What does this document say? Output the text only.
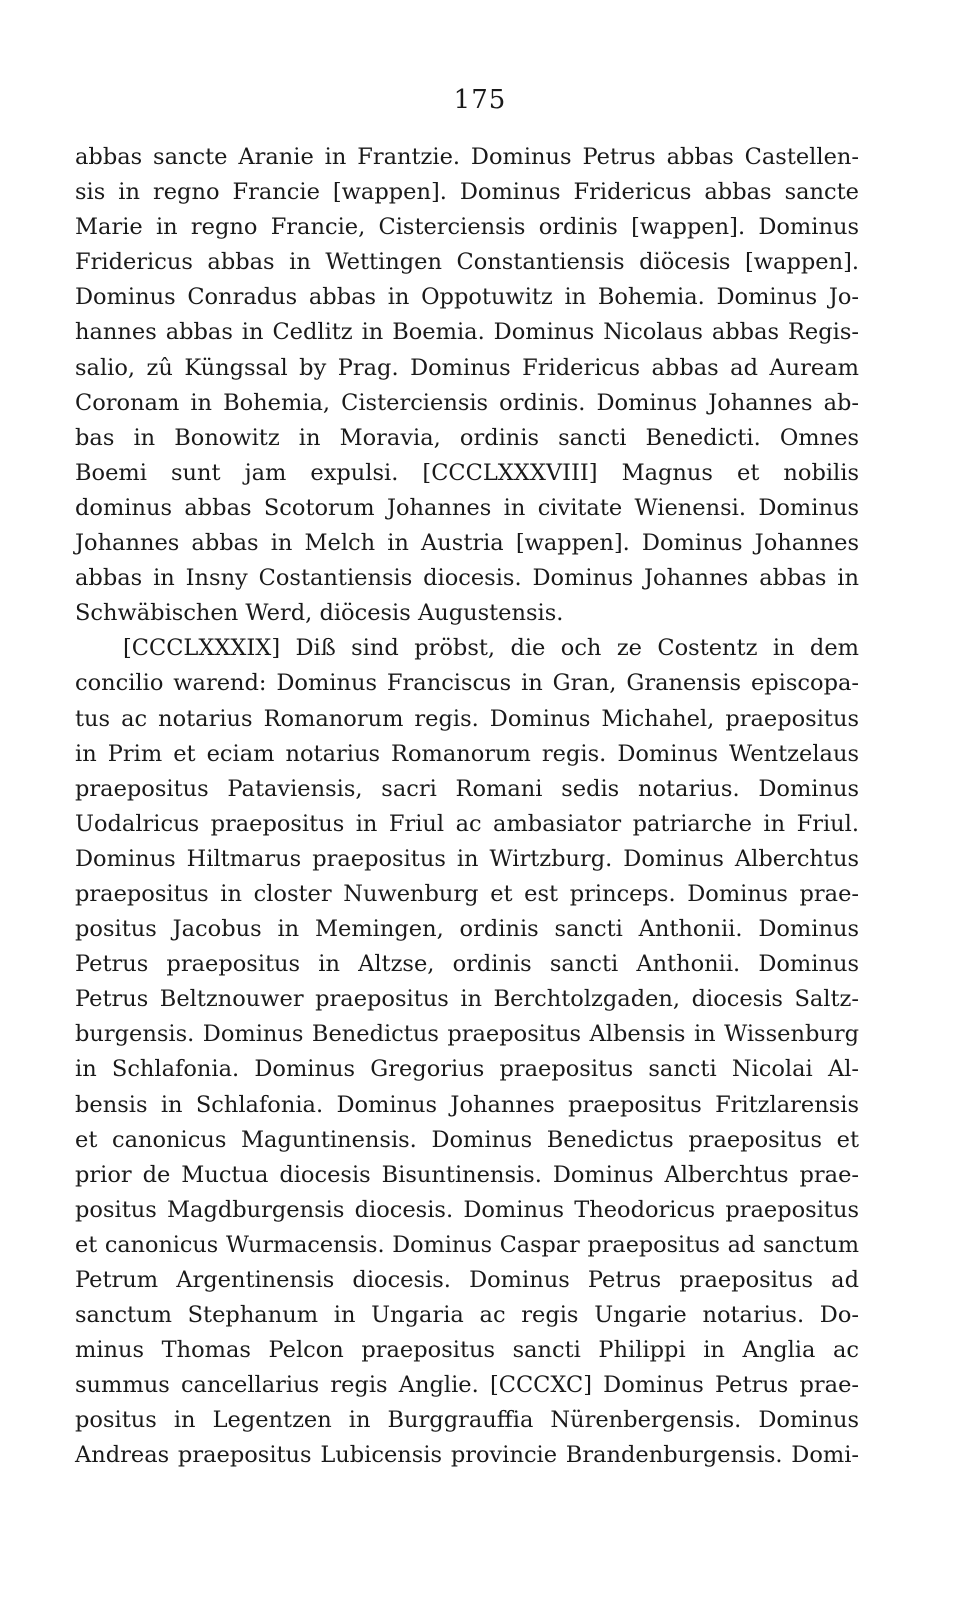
175
abbas sancte Aranie in Frantzie. Dominus Petrus abbas Castellen-
sis in regno Francie [wappen]. Dominus Fridericus abbas sancte
Marie in regno Francie, Cisterciensis ordinis [wappen]. Dominus
Fridericus abbas in Wettingen Constantiensis diöcesis [wappen].
Dominus Conradus abbas in Oppotuwitz in Bohemia. Dominus Jo-
hannes abbas in Cedlitz in Boemia. Dominus Nicolaus abbas Regis-
salio, zû Küngssal by Prag. Dominus Fridericus abbas ad Auream
Coronam in Bohemia, Cisterciensis ordinis. Dominus Johannes ab-
bas in Bonowitz in Moravia, ordinis sancti Benedicti. Omnes
Boemi sunt jam expulsi. [CCCLXXXVIII] Magnus et nobilis
dominus abbas Scotorum Johannes in civitate Wienensi. Dominus
Johannes abbas in Melch in Austria [wappen]. Dominus Johannes
abbas in Insny Costantiensis diocesis. Dominus Johannes abbas in
Schwäbischen Werd, diöcesis Augustensis.
[CCCLXXXIX] Diß sind pröbst, die och ze Costentz in dem
concilio warend: Dominus Franciscus in Gran, Granensis episcopa-
tus ac notarius Romanorum regis. Dominus Michahel, praepositus
in Prim et eciam notarius Romanorum regis. Dominus Wentzelaus
praepositus Pataviensis, sacri Romani sedis notarius. Dominus
Uodalricus praepositus in Friul ac ambasiator patriarche in Friul.
Dominus Hiltmarus praepositus in Wirtzburg. Dominus Alberchtus
praepositus in closter Nuwenburg et est princeps. Dominus prae-
positus Jacobus in Memingen, ordinis sancti Anthonii. Dominus
Petrus praepositus in Altzse, ordinis sancti Anthonii. Dominus
Petrus Beltznouwer praepositus in Berchtolzgaden, diocesis Saltz-
burgensis. Dominus Benedictus praepositus Albensis in Wissenburg
in Schlafonia. Dominus Gregorius praepositus sancti Nicolai Al-
bensis in Schlafonia. Dominus Johannes praepositus Fritzlarensis
et canonicus Maguntinensis. Dominus Benedictus praepositus et
prior de Muctua diocesis Bisuntinensis. Dominus Alberchtus prae-
positus Magdburgensis diocesis. Dominus Theodoricus praepositus
et canonicus Wurmacensis. Dominus Caspar praepositus ad sanctum
Petrum Argentinensis diocesis. Dominus Petrus praepositus ad
sanctum Stephanum in Ungaria ac regis Ungarie notarius. Do-
minus Thomas Pelcon praepositus sancti Philippi in Anglia ac
summus cancellarius regis Anglie. [CCCXC] Dominus Petrus prae-
positus in Legentzen in Burggrauffia Nürenbergensis. Dominus
Andreas praepositus Lubicensis provincie Brandenburgensis. Domi-
